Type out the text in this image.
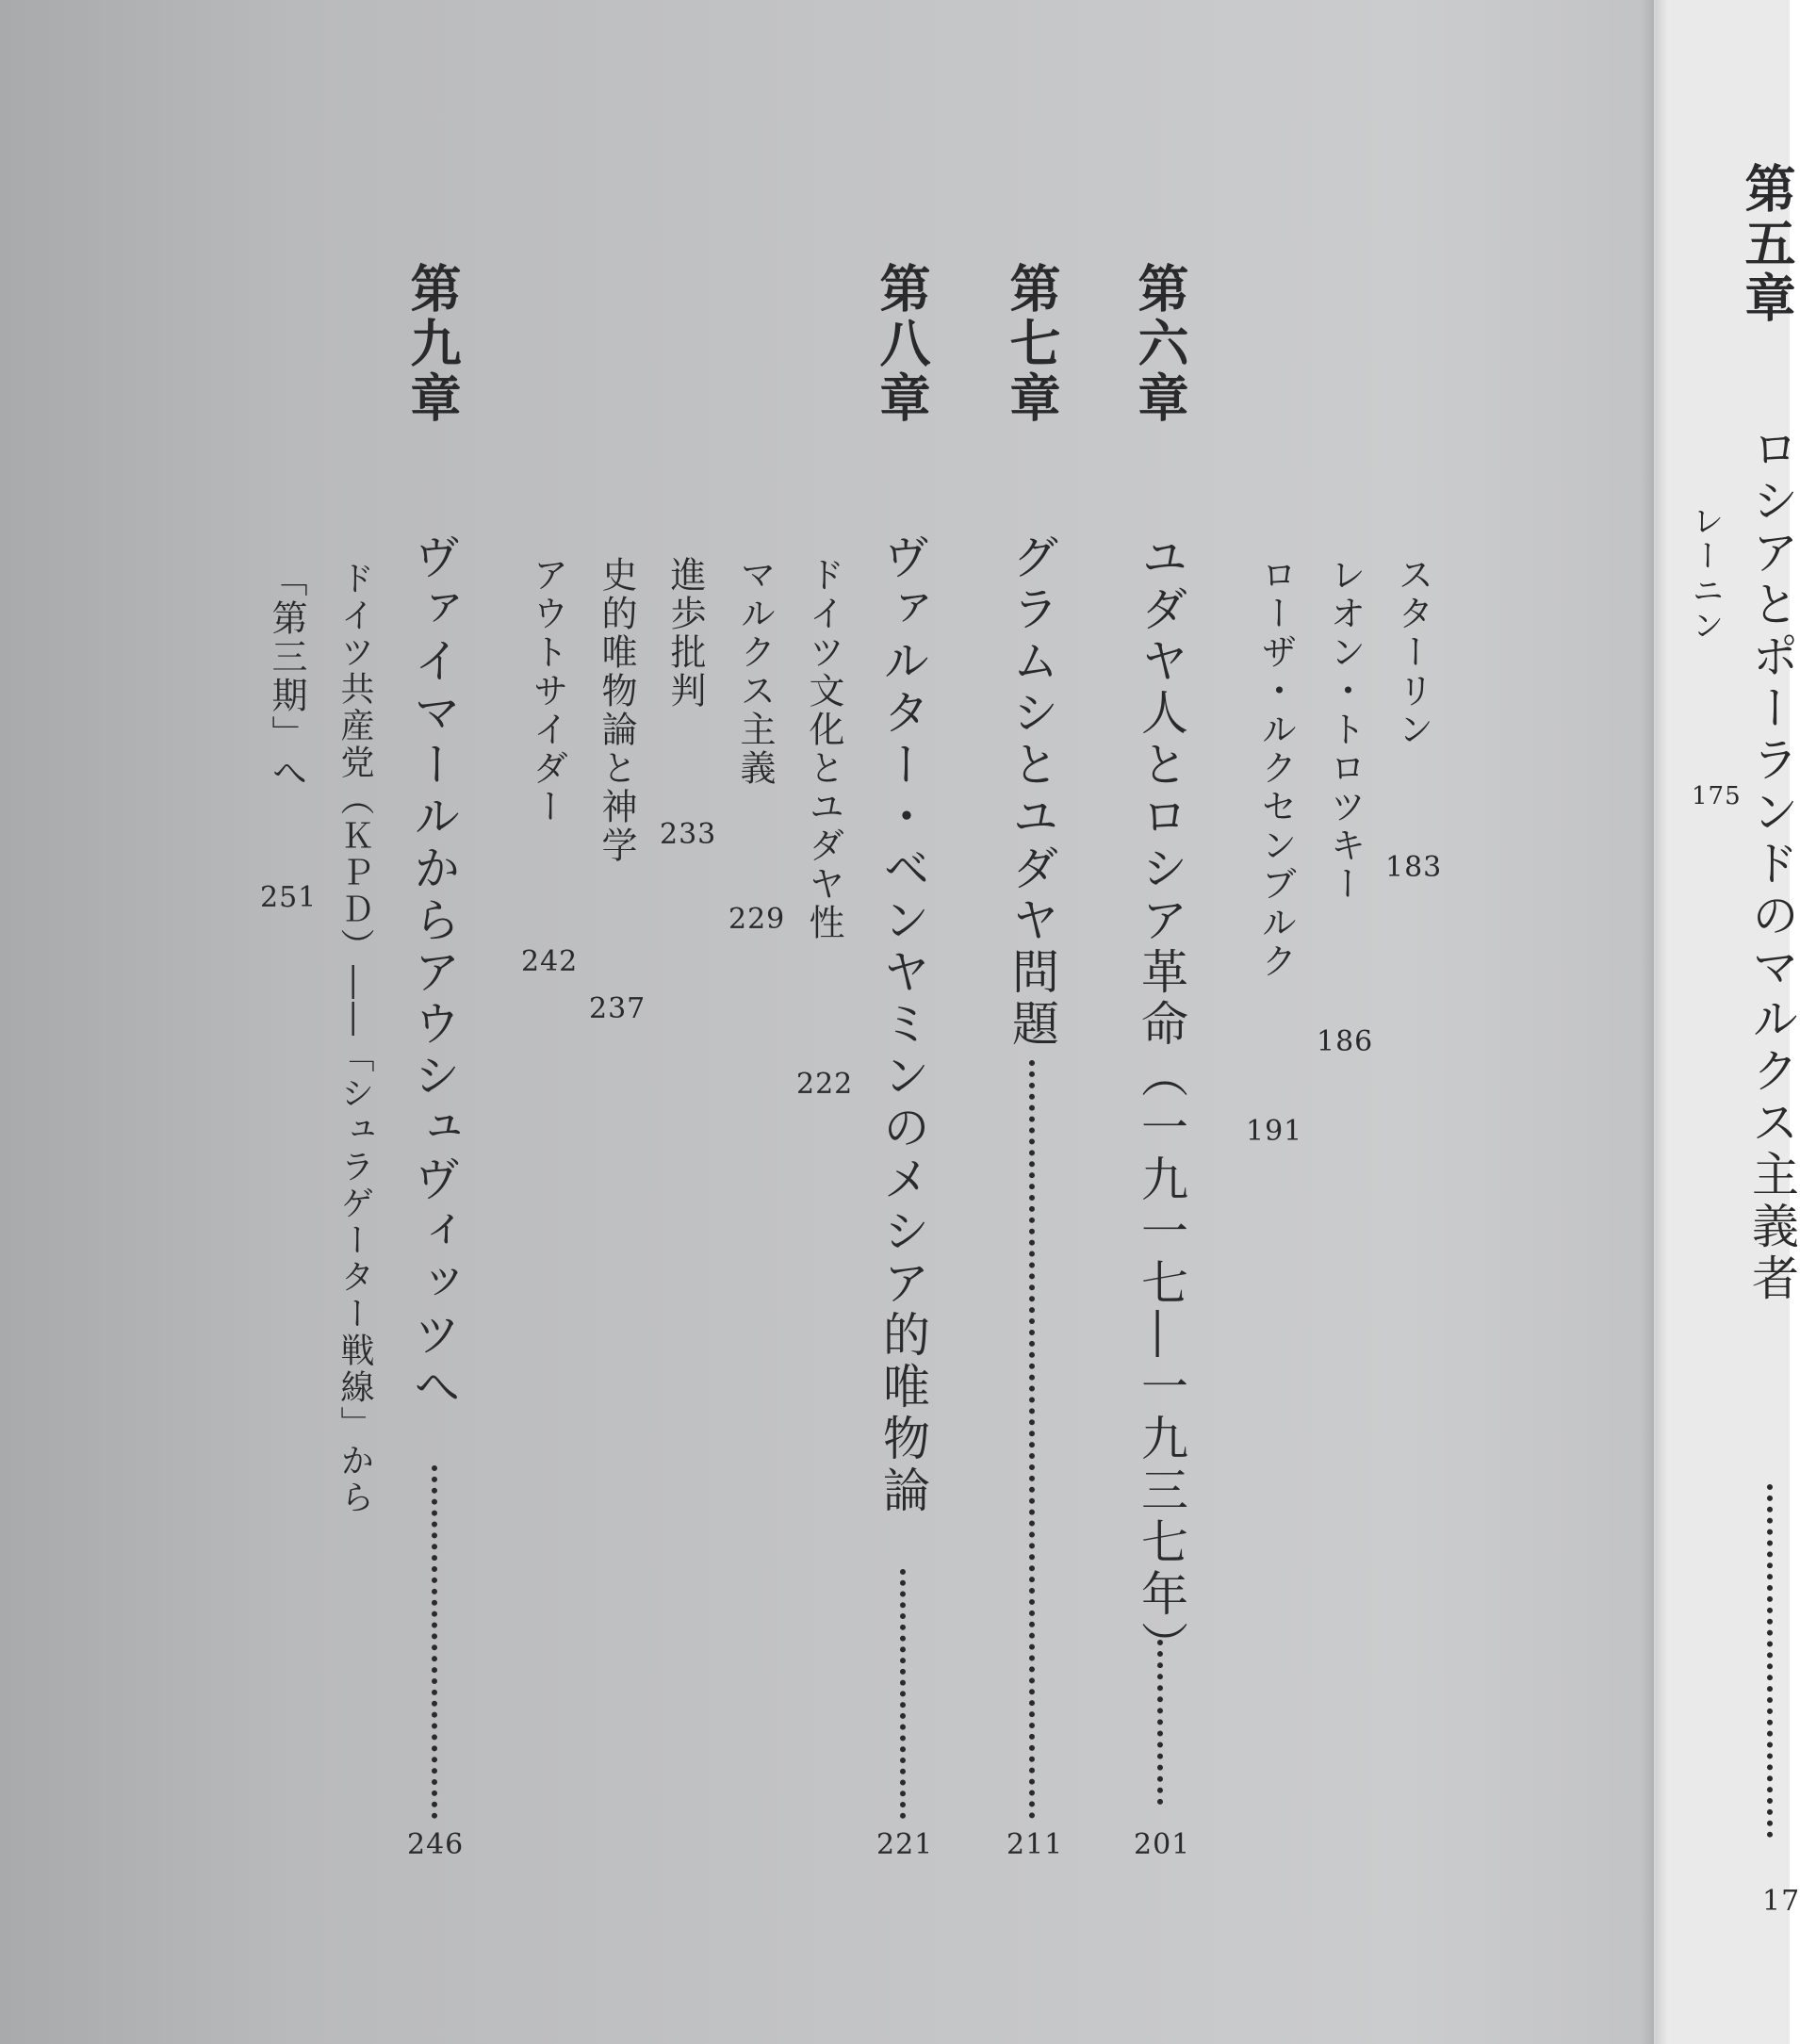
第五章
ロシアとポーランドのマルクス主義者
17
レーニン
175
第六章
ユダヤ人とロシア革命（一九一七―一九三七年）
201
スターリン
183
レオン・トロツキー
186
ローザ・ルクセンブルク
191
第七章
グラムシとユダヤ問題
211
第八章
ヴァルター・ベンヤミンのメシア的唯物論
221
ドイツ文化とユダヤ性
222
マルクス主義
229
進歩批判
233
史的唯物論と神学
237
アウトサイダー
242
第九章
ヴァイマールからアウシュヴィッツへ
246
ドイツ共産党（ＫＰＤ）――「シュラゲーター戦線」から
「第三期」へ
251
